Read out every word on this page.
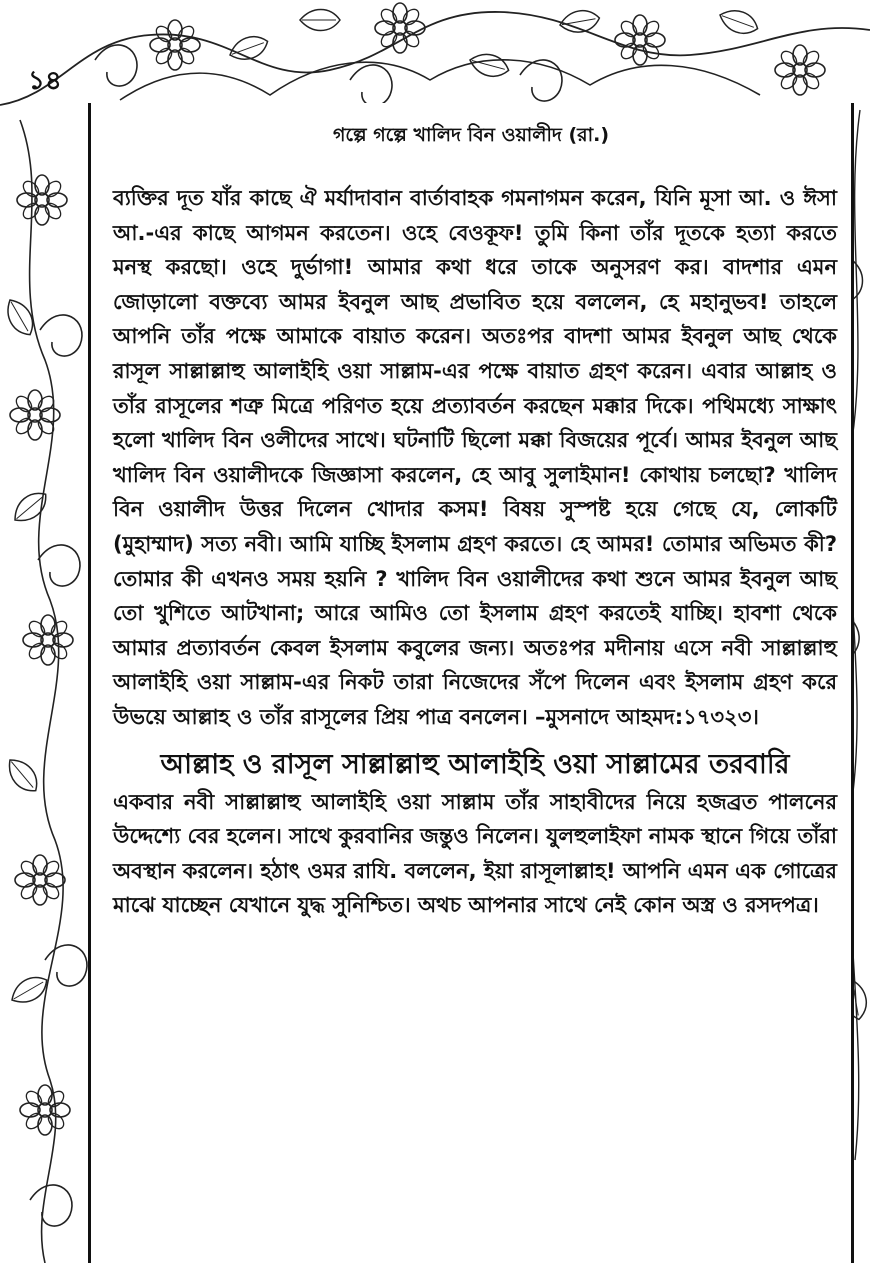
১৪
গল্পে গল্পে খালিদ বিন ওয়ালীদ (রা.)

ব্যক্তির দূত যাঁর কাছে ঐ মর্যাদাবান বার্তাবাহক গমনাগমন করেন, যিনি মূসা আ. ও ঈসা আ.-এর কাছে আগমন করতেন। ওহে বেওকূফ! তুমি কিনা তাঁর দূতকে হত্যা করতে মনস্থ করছো। ওহে দুর্ভাগা! আমার কথা ধরে তাকে অনুসরণ কর। বাদশার এমন জোড়ালো বক্তব্যে আমর ইবনুল আছ প্রভাবিত হয়ে বললেন, হে মহানুভব! তাহলে আপনি তাঁর পক্ষে আমাকে বায়াত করেন। অতঃপর বাদশা আমর ইবনুল আছ থেকে রাসূল সাল্লাল্লাহু আলাইহি ওয়া সাল্লাম-এর পক্ষে বায়াত গ্রহণ করেন। এবার আল্লাহ ও তাঁর রাসূলের শত্রু মিত্রে পরিণত হয়ে প্রত্যাবর্তন করছেন মক্কার দিকে। পথিমধ্যে সাক্ষাৎ হলো খালিদ বিন ওলীদের সাথে। ঘটনাটি ছিলো মক্কা বিজয়ের পূর্বে। আমর ইবনুল আছ খালিদ বিন ওয়ালীদকে জিজ্ঞাসা করলেন, হে আবু সুলাইমান! কোথায় চলছো? খালিদ বিন ওয়ালীদ উত্তর দিলেন খোদার কসম! বিষয় সুস্পষ্ট হয়ে গেছে যে, লোকটি (মুহাম্মাদ) সত্য নবী। আমি যাচ্ছি ইসলাম গ্রহণ করতে। হে আমর! তোমার অভিমত কী? তোমার কী এখনও সময় হয়নি ? খালিদ বিন ওয়ালীদের কথা শুনে আমর ইবনুল আছ তো খুশিতে আটখানা; আরে আমিও তো ইসলাম গ্রহণ করতেই যাচ্ছি। হাবশা থেকে আমার প্রত্যাবর্তন কেবল ইসলাম কবুলের জন্য। অতঃপর মদীনায় এসে নবী সাল্লাল্লাহু আলাইহি ওয়া সাল্লাম-এর নিকট তারা নিজেদের সঁপে দিলেন এবং ইসলাম গ্রহণ করে উভয়ে আল্লাহ ও তাঁর রাসূলের প্রিয় পাত্র বনলেন। –মুসনাদে আহমদ:১৭৩২৩।

আল্লাহ ও রাসূল সাল্লাল্লাহু আলাইহি ওয়া সাল্লামের তরবারি

একবার নবী সাল্লাল্লাহু আলাইহি ওয়া সাল্লাম তাঁর সাহাবীদের নিয়ে হজব্রত পালনের উদ্দেশ্যে বের হলেন। সাথে কুরবানির জন্তুও নিলেন। যুলহুলাইফা নামক স্থানে গিয়ে তাঁরা অবস্থান করলেন। হঠাৎ ওমর রাযি. বললেন, ইয়া রাসূলাল্লাহ! আপনি এমন এক গোত্রের মাঝে যাচ্ছেন যেখানে যুদ্ধ সুনিশ্চিত। অথচ আপনার সাথে নেই কোন অস্ত্র ও রসদপত্র।
